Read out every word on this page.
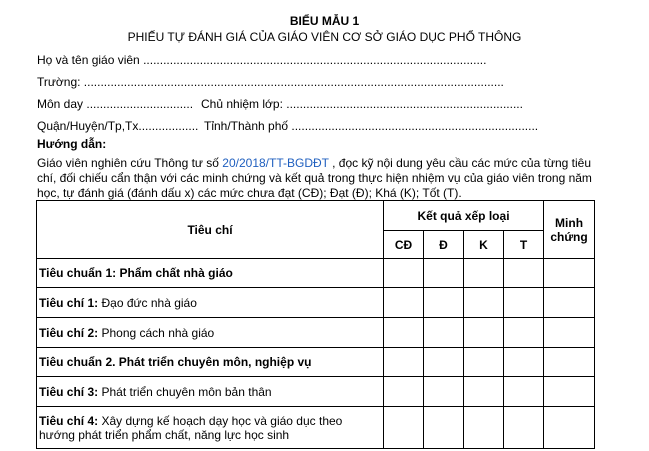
BIỂU MẪU 1
PHIẾU TỰ ĐÁNH GIÁ CỦA GIÁO VIÊN CƠ SỞ GIÁO DỤC PHỔ THÔNG
Họ và tên giáo viên .......................................................................................................
Trường: ..............................................................................................................................
Môn day ................................ Chủ nhiệm lớp: .......................................................................
Quận/Huyện/Tp,Tx.................. Tỉnh/Thành phố ..........................................................................
Hướng dẫn:
Giáo viên nghiên cứu Thông tư số 20/2018/TT-BGDĐT , đọc kỹ nội dung yêu cầu các mức của từng tiêu chí, đối chiếu cẩn thận với các minh chứng và kết quả trong thực hiện nhiệm vụ của giáo viên trong năm học, tự đánh giá (đánh dấu x) các mức chưa đạt (CĐ); Đạt (Đ); Khá (K); Tốt (T).
Tiêu chí	Kết quả xếp loại				Minh chứng
	CĐ	Đ	K	T	
Tiêu chuẩn 1: Phẩm chất nhà giáo					
Tiêu chí 1: Đạo đức nhà giáo					
Tiêu chí 2: Phong cách nhà giáo					
Tiêu chuẩn 2. Phát triển chuyên môn, nghiệp vụ					
Tiêu chí 3: Phát triển chuyên môn bản thân					
Tiêu chí 4: Xây dựng kế hoạch dạy học và giáo dục theo hướng phát triển phẩm chất, năng lực học sinh					
